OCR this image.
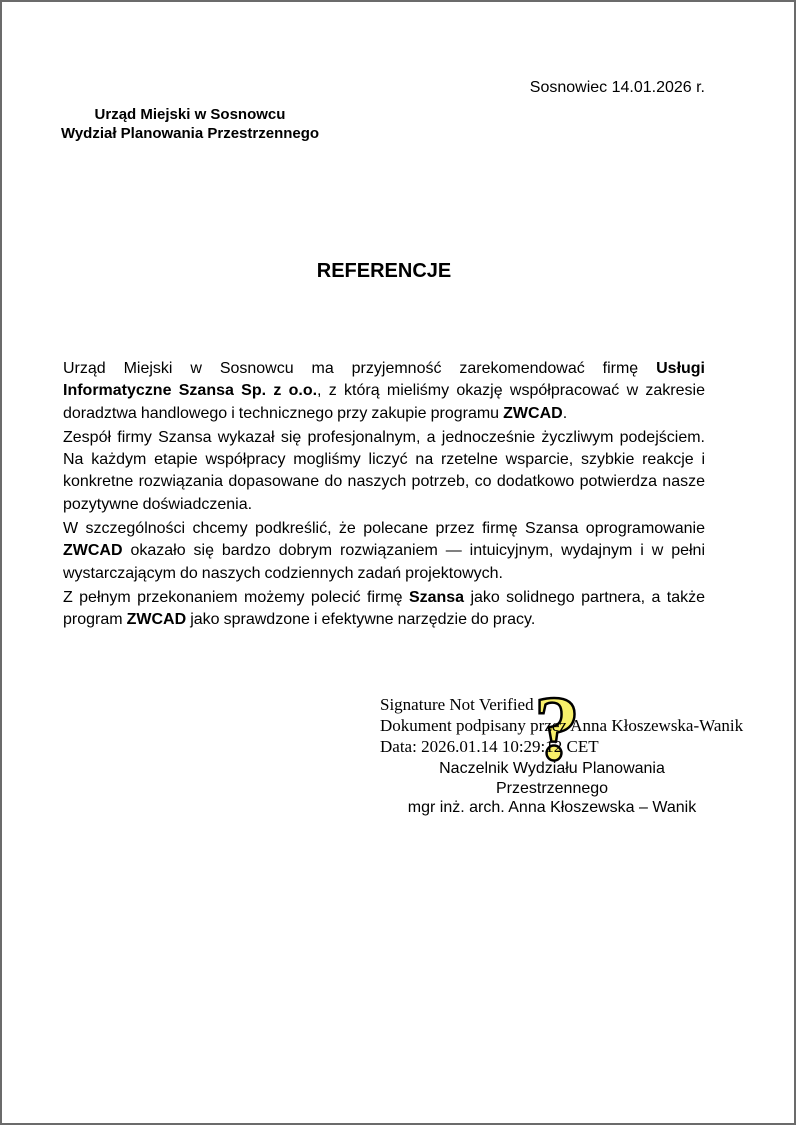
Sosnowiec 14.01.2026 r.
Urząd Miejski w Sosnowcu
Wydział Planowania Przestrzennego
REFERENCJE

Urząd Miejski w Sosnowcu ma przyjemność zarekomendować firmę Usługi Informatyczne Szansa Sp. z o.o., z którą mieliśmy okazję współpracować w zakresie doradztwa handlowego i technicznego przy zakupie programu ZWCAD.

Zespół firmy Szansa wykazał się profesjonalnym, a jednocześnie życzliwym podejściem. Na każdym etapie współpracy mogliśmy liczyć na rzetelne wsparcie, szybkie reakcje i konkretne rozwiązania dopasowane do naszych potrzeb, co dodatkowo potwierdza nasze pozytywne doświadczenia.

W szczególności chcemy podkreślić, że polecane przez firmę Szansa oprogramowanie ZWCAD okazało się bardzo dobrym rozwiązaniem — intuicyjnym, wydajnym i w pełni wystarczającym do naszych codziennych zadań projektowych.

Z pełnym przekonaniem możemy polecić firmę Szansa jako solidnego partnera, a także program ZWCAD jako sprawdzone i efektywne narzędzie do pracy.

?
Signature Not Verified
Dokument podpisany przez Anna Kłoszewska-Wanik
Data: 2026.01.14 10:29:12 CET
Naczelnik Wydziału Planowania
Przestrzennego
mgr inż. arch. Anna Kłoszewska – Wanik
